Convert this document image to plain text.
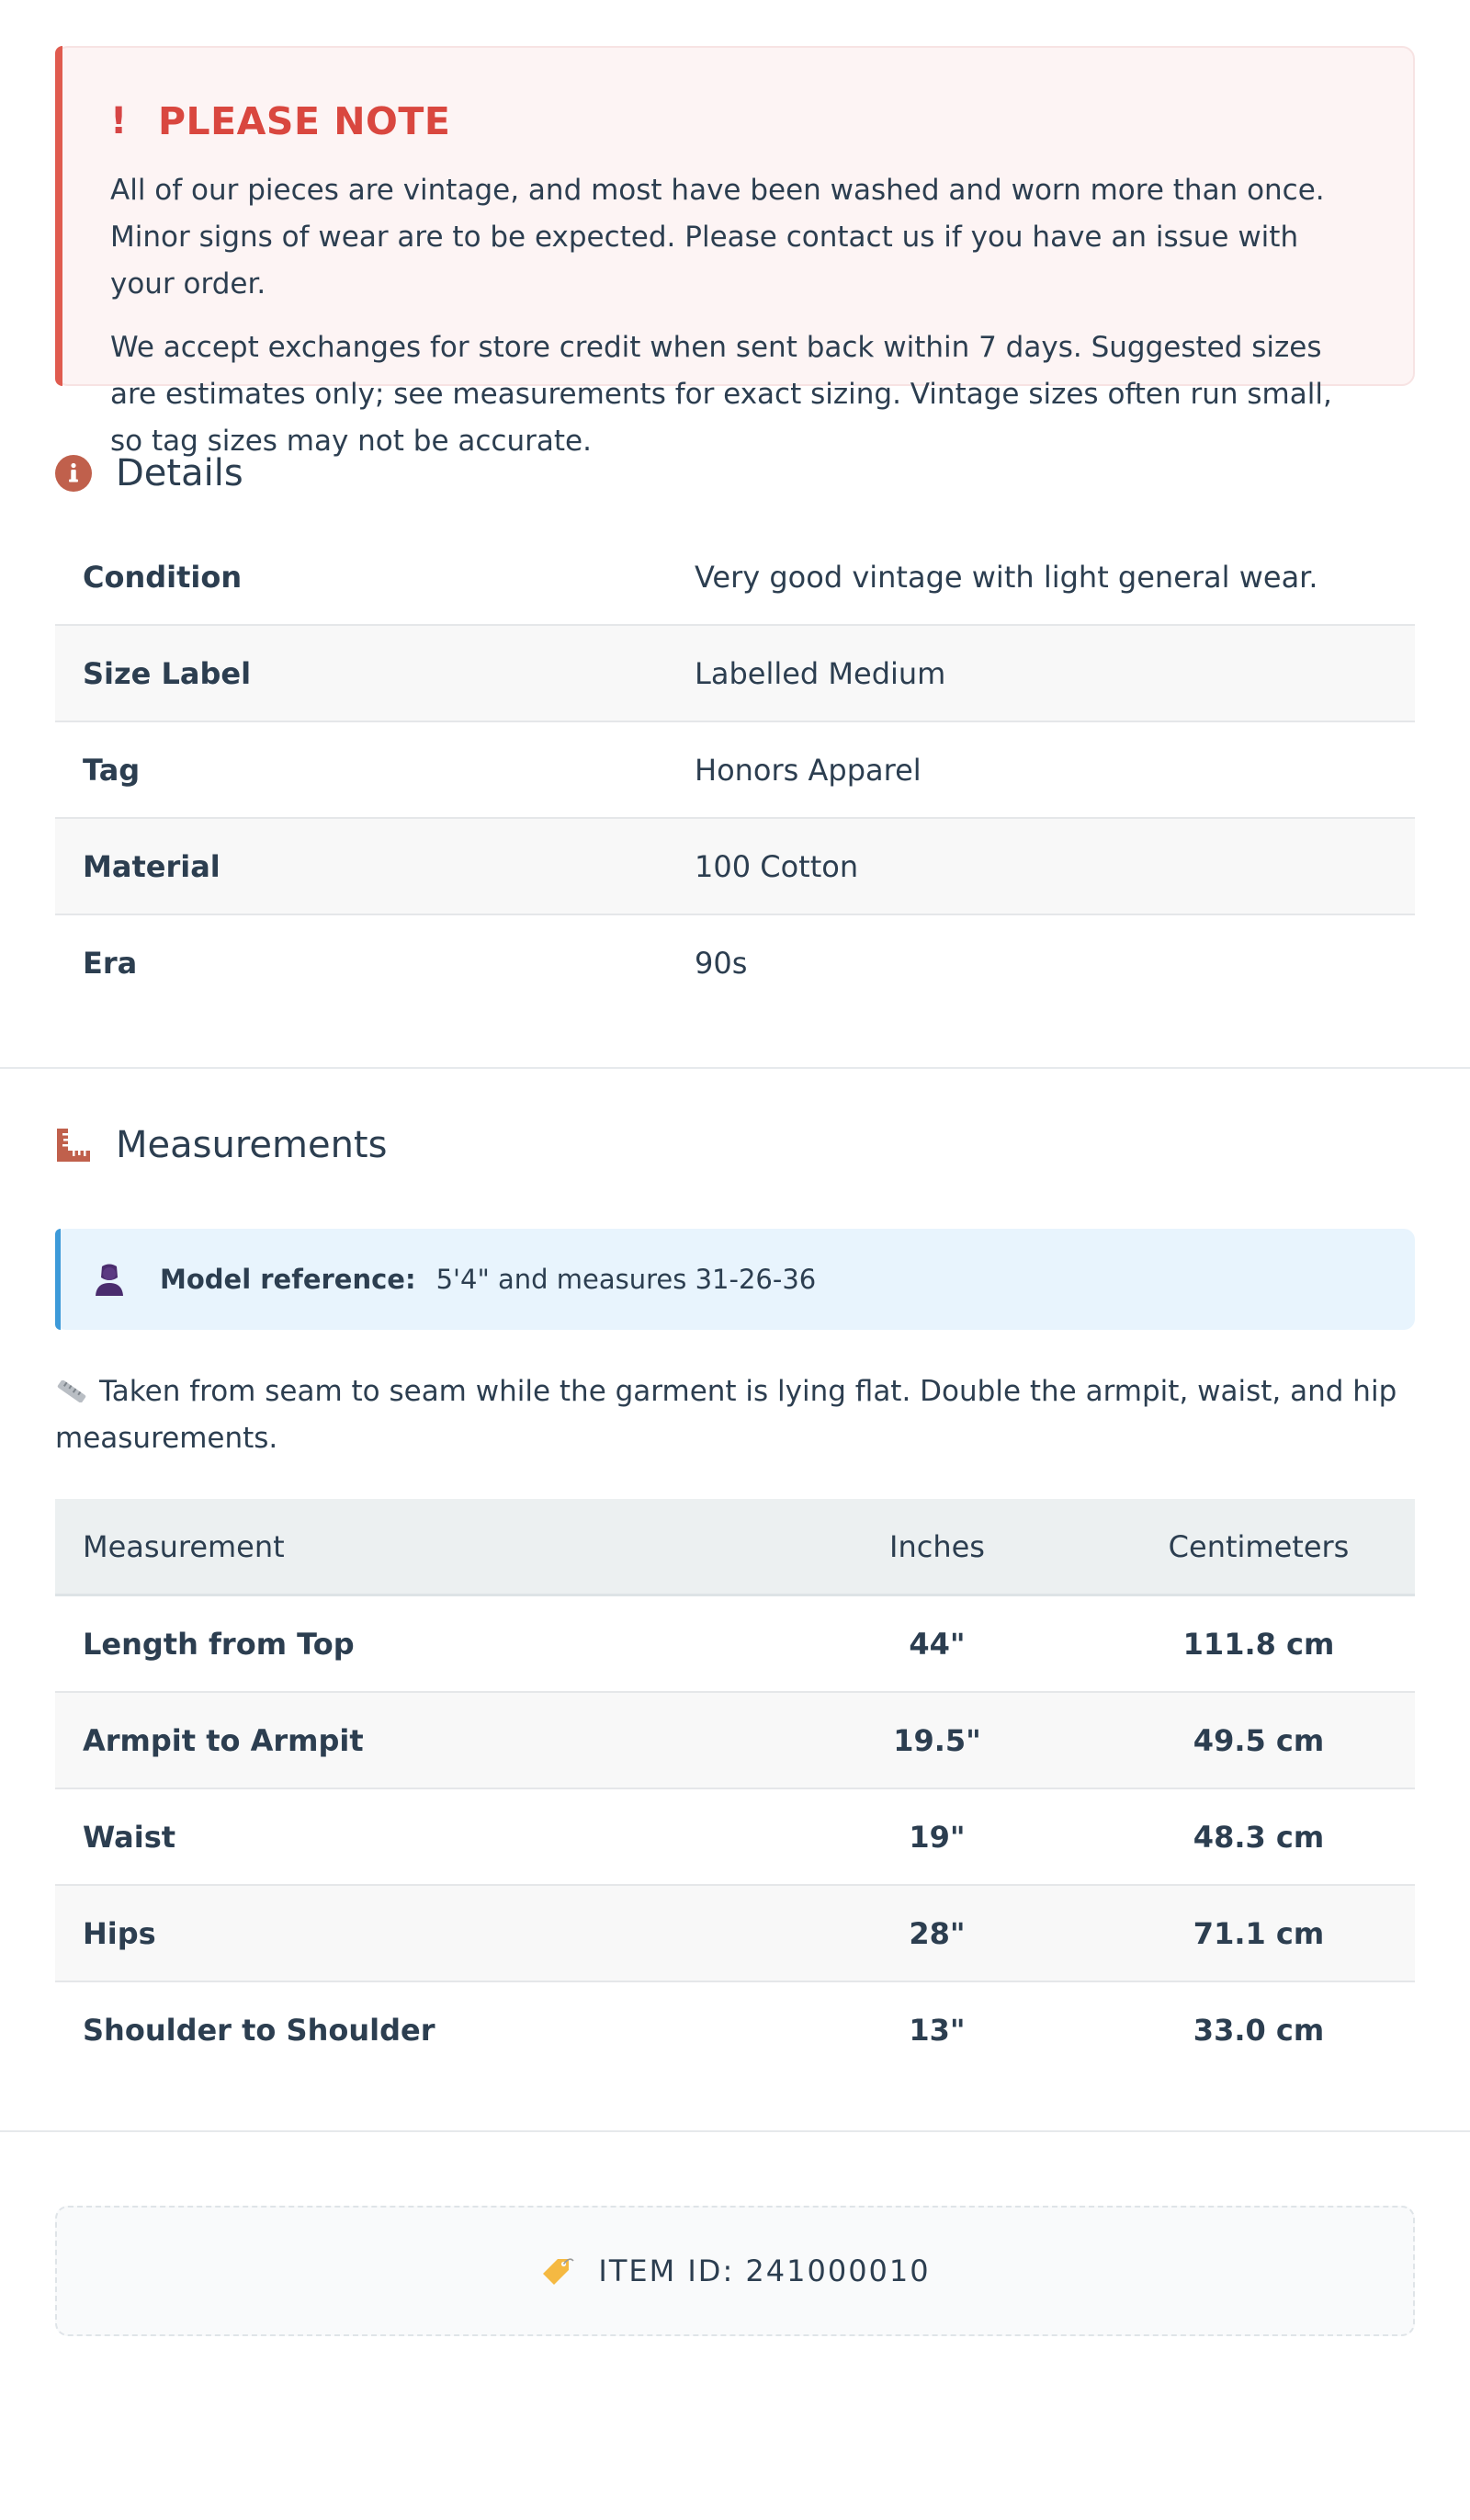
! PLEASE NOTE

All of our pieces are vintage, and most have been washed and worn more than once. Minor signs of wear are to be expected. Please contact us if you have an issue with your order.

We accept exchanges for store credit when sent back within 7 days. Suggested sizes are estimates only; see measurements for exact sizing. Vintage sizes often run small, so tag sizes may not be accurate.

Details
Condition	Very good vintage with light general wear.
Size Label	Labelled Medium
Tag	Honors Apparel
Material	100 Cotton
Era	90s
Measurements
Model reference: 5'4" and measures 31-26-36
Taken from seam to seam while the garment is lying flat. Double the armpit, waist, and hip measurements.
Measurement	Inches	Centimeters
Length from Top	44"	111.8 cm
Armpit to Armpit	19.5"	49.5 cm
Waist	19"	48.3 cm
Hips	28"	71.1 cm
Shoulder to Shoulder	13"	33.0 cm
ITEM ID: 241000010
